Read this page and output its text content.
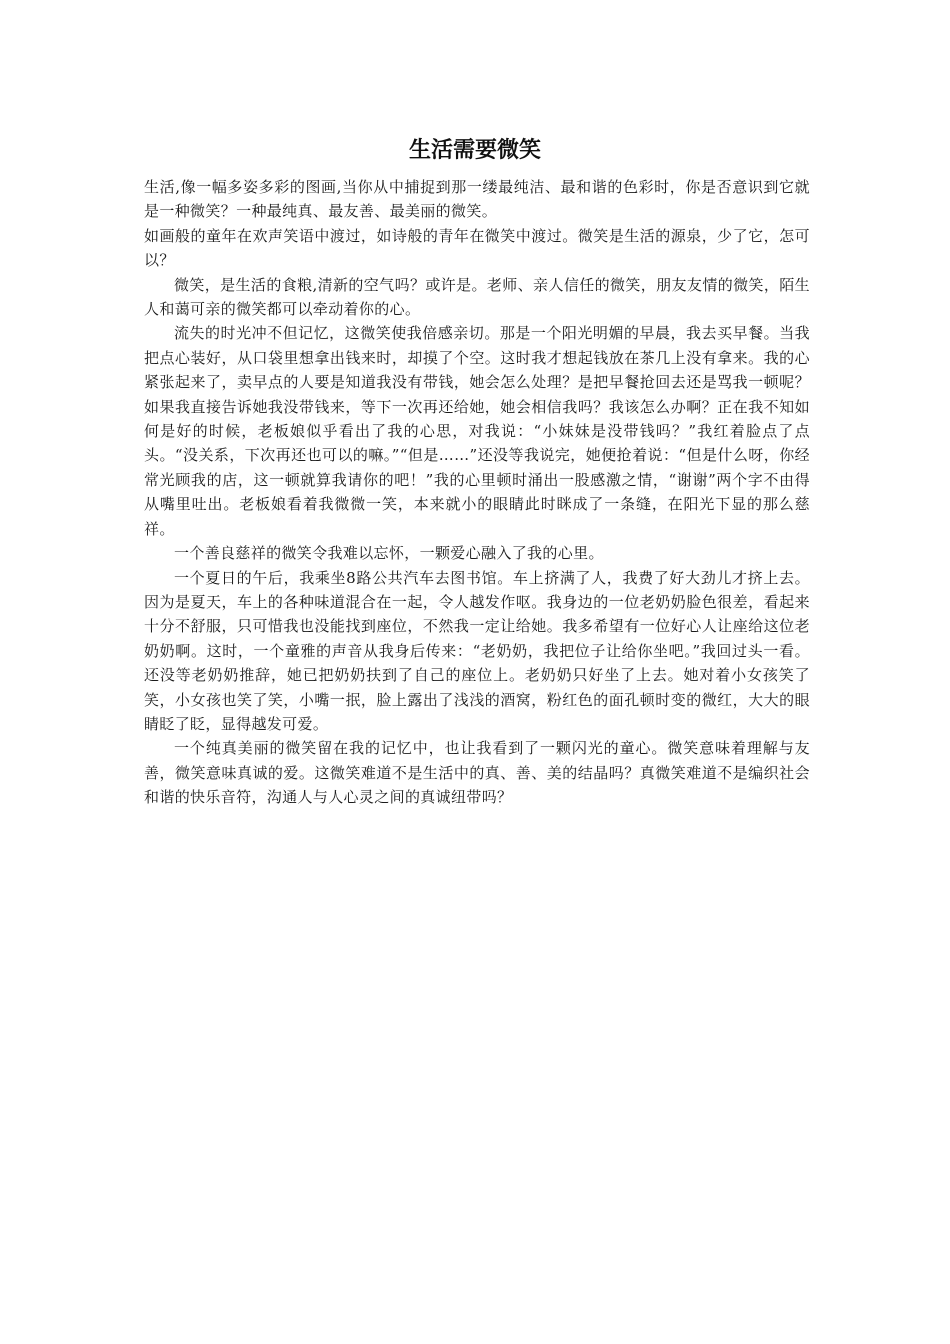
生活需要微笑

生活,像一幅多姿多彩的图画,当你从中捕捉到那一缕最纯洁、最和谐的色彩时，你是否意识到它就是一种微笑？一种最纯真、最友善、最美丽的微笑。

如画般的童年在欢声笑语中渡过，如诗般的青年在微笑中渡过。微笑是生活的源泉，少了它，怎可以？

微笑，是生活的食粮,清新的空气吗？或许是。老师、亲人信任的微笑，朋友友情的微笑，陌生人和蔼可亲的微笑都可以牵动着你的心。

流失的时光冲不但记忆，这微笑使我倍感亲切。那是一个阳光明媚的早晨，我去买早餐。当我把点心装好，从口袋里想拿出钱来时，却摸了个空。这时我才想起钱放在茶几上没有拿来。我的心紧张起来了，卖早点的人要是知道我没有带钱，她会怎么处理？是把早餐抢回去还是骂我一顿呢？如果我直接告诉她我没带钱来，等下一次再还给她，她会相信我吗？我该怎么办啊？正在我不知如何是好的时候，老板娘似乎看出了我的心思，对我说：“小妹妹是没带钱吗？”我红着脸点了点头。“没关系，下次再还也可以的嘛。”“但是……”还没等我说完，她便抢着说：“但是什么呀，你经常光顾我的店，这一顿就算我请你的吧！”我的心里顿时涌出一股感激之情，“谢谢”两个字不由得从嘴里吐出。老板娘看着我微微一笑，本来就小的眼睛此时眯成了一条缝，在阳光下显的那么慈祥。

一个善良慈祥的微笑令我难以忘怀，一颗爱心融入了我的心里。

一个夏日的午后，我乘坐8路公共汽车去图书馆。车上挤满了人，我费了好大劲儿才挤上去。因为是夏天，车上的各种味道混合在一起，令人越发作呕。我身边的一位老奶奶脸色很差，看起来十分不舒服，只可惜我也没能找到座位，不然我一定让给她。我多希望有一位好心人让座给这位老奶奶啊。这时，一个童雅的声音从我身后传来：“老奶奶，我把位子让给你坐吧。”我回过头一看。还没等老奶奶推辞，她已把奶奶扶到了自己的座位上。老奶奶只好坐了上去。她对着小女孩笑了笑，小女孩也笑了笑，小嘴一抿，脸上露出了浅浅的酒窝，粉红色的面孔顿时变的微红，大大的眼睛眨了眨，显得越发可爱。

一个纯真美丽的微笑留在我的记忆中，也让我看到了一颗闪光的童心。微笑意味着理解与友善，微笑意味真诚的爱。这微笑难道不是生活中的真、善、美的结晶吗？真微笑难道不是编织社会和谐的快乐音符，沟通人与人心灵之间的真诚纽带吗？
